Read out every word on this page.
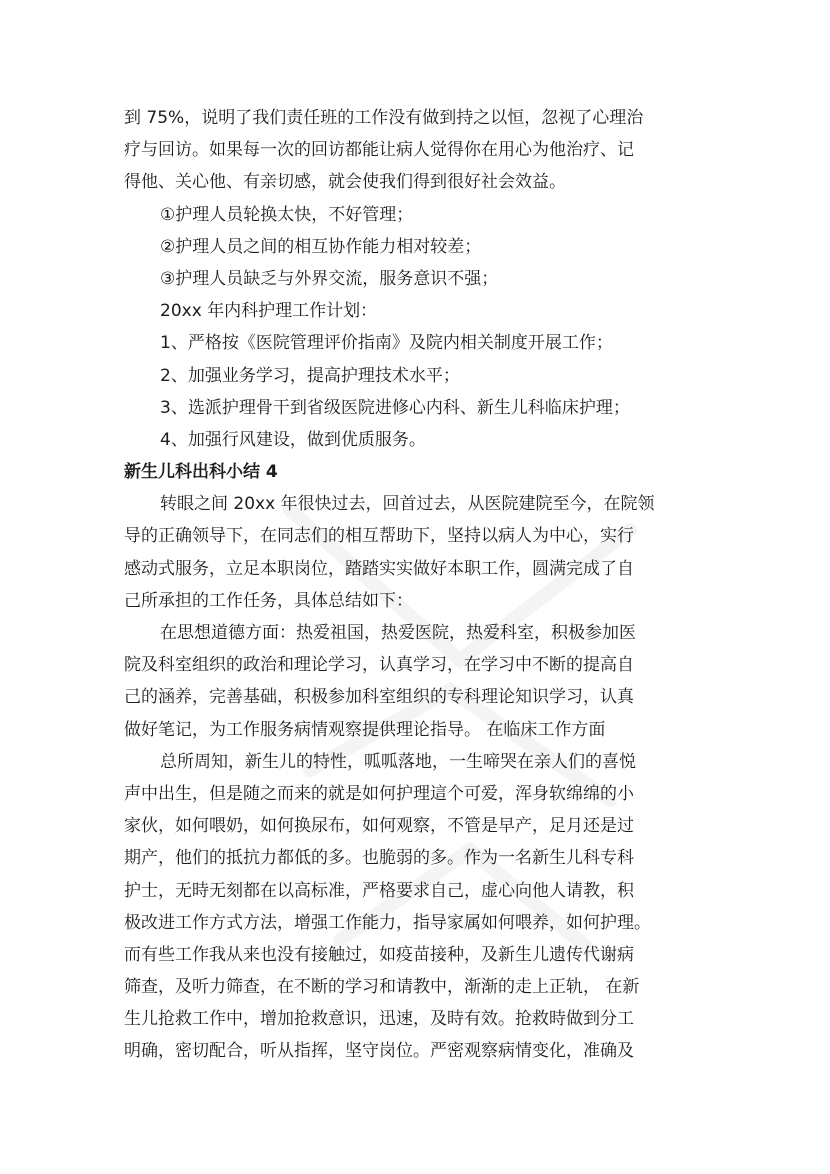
到 75%，说明了我们责任班的工作没有做到持之以恒，忽视了心理治
疗与回访。如果每一次的回访都能让病人觉得你在用心为他治疗、记
得他、关心他、有亲切感，就会使我们得到很好社会效益。
①护理人员轮换太快，不好管理；
②护理人员之间的相互协作能力相对较差；
③护理人员缺乏与外界交流，服务意识不强；
20xx 年内科护理工作计划：
1、严格按《医院管理评价指南》及院内相关制度开展工作；
2、加强业务学习，提高护理技术水平；
3、选派护理骨干到省级医院进修心内科、新生儿科临床护理；
4、加强行风建设，做到优质服务。
新生儿科出科小结 4
转眼之间 20xx 年很快过去，回首过去，从医院建院至今，在院领
导的正确领导下，在同志们的相互帮助下，坚持以病人为中心，实行
感动式服务，立足本职岗位，踏踏实实做好本职工作，圆满完成了自
己所承担的工作任务，具体总结如下：
在思想道德方面：热爱祖国，热爱医院，热爱科室，积极参加医
院及科室组织的政治和理论学习，认真学习，在学习中不断的提高自
己的涵养，完善基础，积极参加科室组织的专科理论知识学习，认真
做好笔记，为工作服务病情观察提供理论指导。 在临床工作方面
总所周知，新生儿的特性，呱呱落地，一生啼哭在亲人们的喜悦
声中出生，但是随之而来的就是如何护理這个可爱，浑身软绵绵的小
家伙，如何喂奶，如何换尿布，如何观察，不管是早产，足月还是过
期产，他们的抵抗力都低的多。也脆弱的多。作为一名新生儿科专科
护士，无時无刻都在以高标准，严格要求自己，虚心向他人请教，积
极改进工作方式方法，增强工作能力，指导家属如何喂养，如何护理。
而有些工作我从来也没有接触过，如疫苗接种，及新生儿遗传代谢病
筛查，及听力筛查，在不断的学习和请教中，渐渐的走上正轨， 在新
生儿抢救工作中，增加抢救意识，迅速，及時有效。抢救時做到分工
明确，密切配合，听从指挥，坚守岗位。严密观察病情变化，准确及
